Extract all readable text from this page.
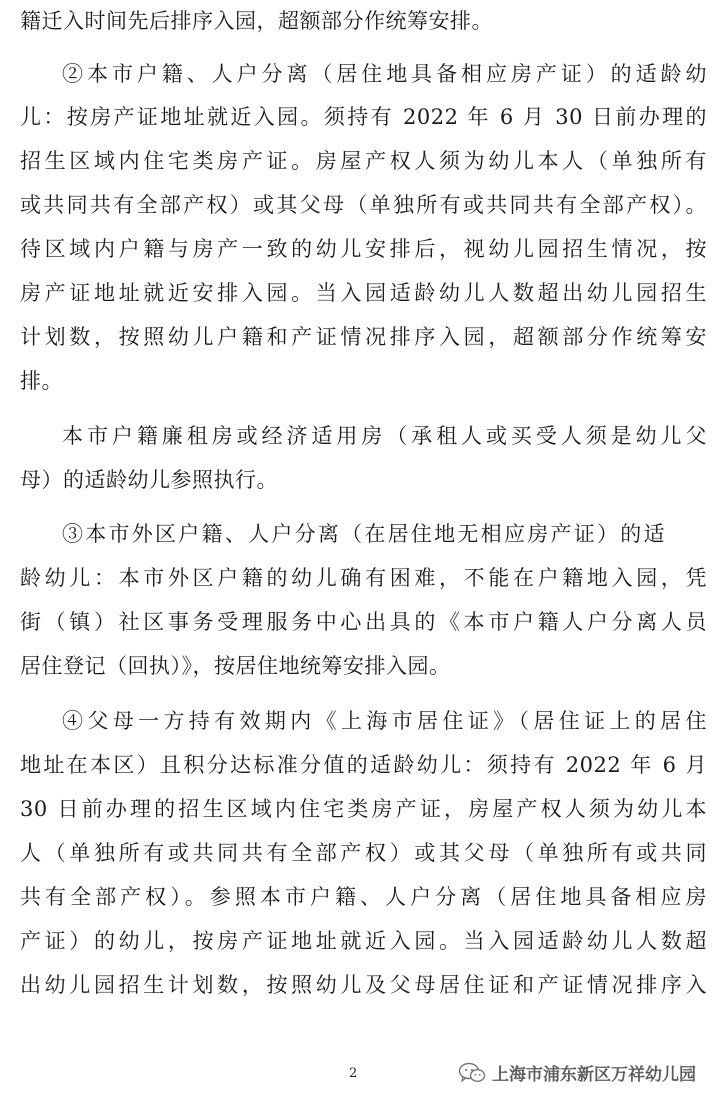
籍迁入时间先后排序入园，超额部分作统筹安排。
②本市户籍、人户分离（居住地具备相应房产证）的适龄幼
儿：按房产证地址就近入园。须持有 2022 年 6 月 30 日前办理的
招生区域内住宅类房产证。房屋产权人须为幼儿本人（单独所有
或共同共有全部产权）或其父母（单独所有或共同共有全部产权）。
待区域内户籍与房产一致的幼儿安排后，视幼儿园招生情况，按
房产证地址就近安排入园。当入园适龄幼儿人数超出幼儿园招生
计划数，按照幼儿户籍和产证情况排序入园，超额部分作统筹安
排。
本市户籍廉租房或经济适用房（承租人或买受人须是幼儿父
母）的适龄幼儿参照执行。
③本市外区户籍、人户分离（在居住地无相应房产证）的适
龄幼儿：本市外区户籍的幼儿确有困难，不能在户籍地入园，凭
街（镇）社区事务受理服务中心出具的《本市户籍人户分离人员
居住登记（回执）》，按居住地统筹安排入园。
④父母一方持有效期内《上海市居住证》（居住证上的居住
地址在本区）且积分达标准分值的适龄幼儿：须持有 2022 年 6 月
30 日前办理的招生区域内住宅类房产证，房屋产权人须为幼儿本
人（单独所有或共同共有全部产权）或其父母（单独所有或共同
共有全部产权）。参照本市户籍、人户分离（居住地具备相应房
产证）的幼儿，按房产证地址就近入园。当入园适龄幼儿人数超
出幼儿园招生计划数，按照幼儿及父母居住证和产证情况排序入
2	上海市浦东新区万祥幼儿园
